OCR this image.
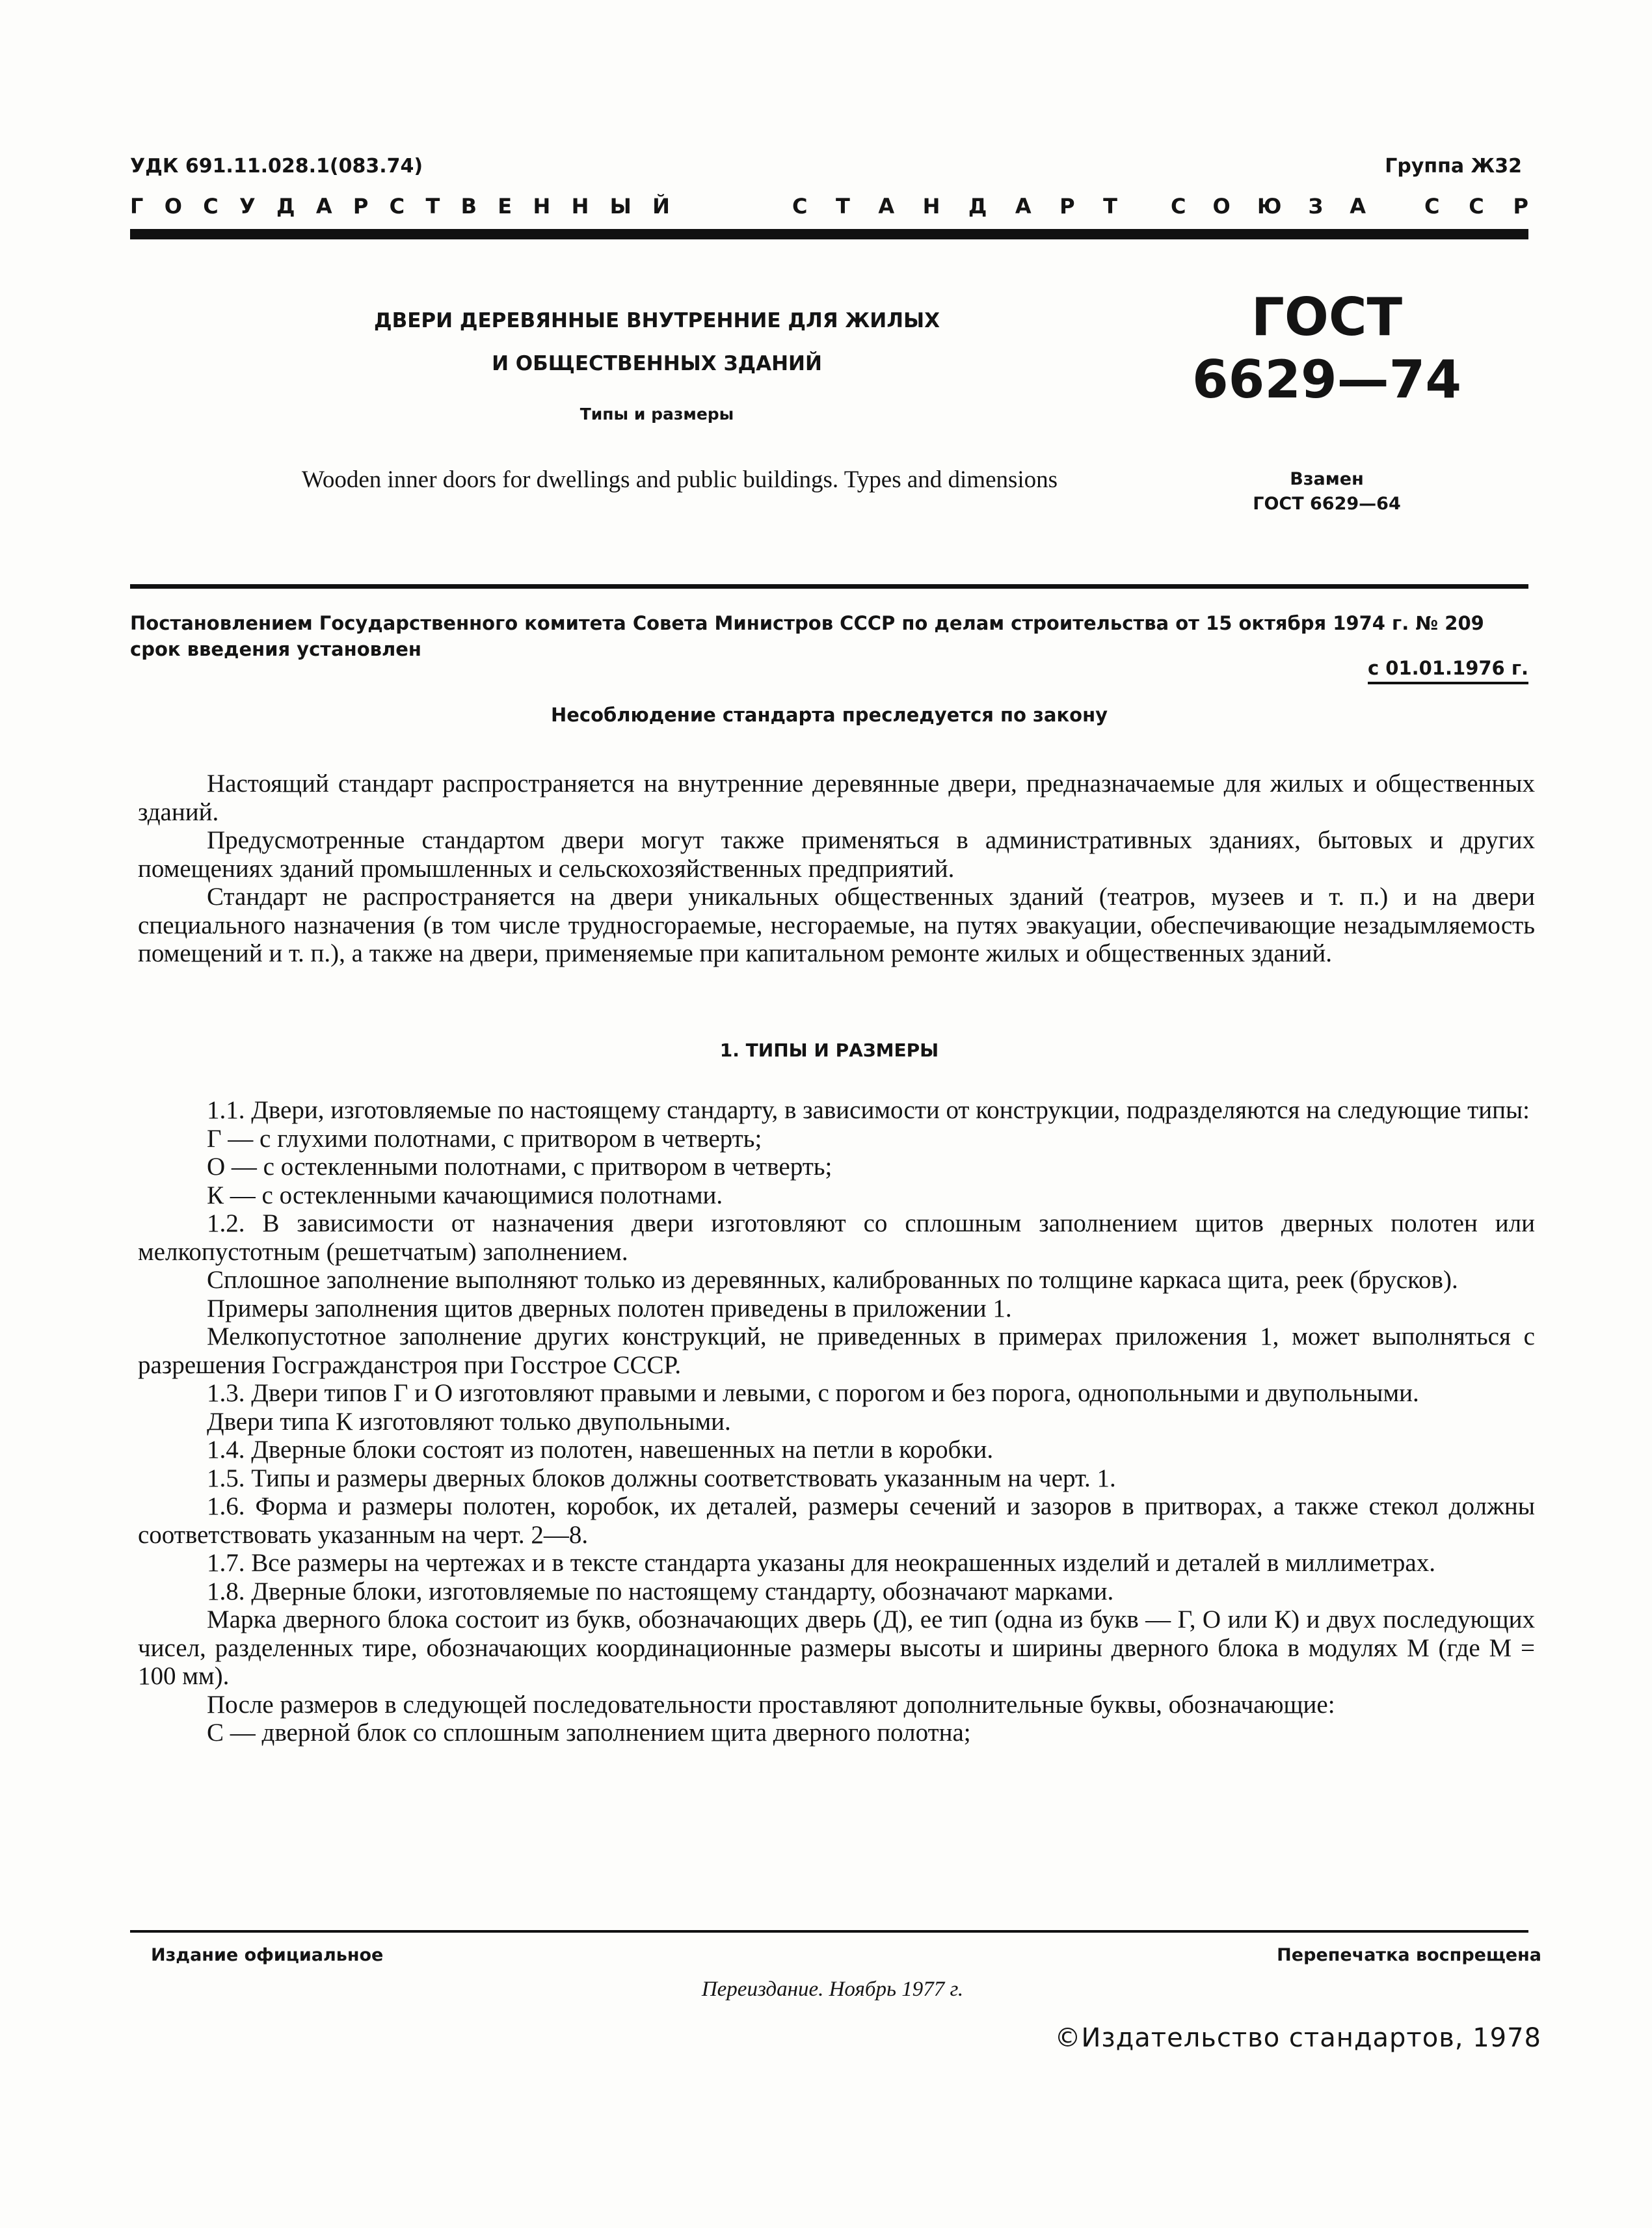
УДК 691.11.028.1(083.74)	Группа Ж32
Г О С У Д А Р С Т В Е Н Н Ы Й	С Т А Н Д А Р Т	С О Ю З А	С С Р
ДВЕРИ ДЕРЕВЯННЫЕ ВНУТРЕННИЕ ДЛЯ ЖИЛЫХ
И ОБЩЕСТВЕННЫХ ЗДАНИЙ
Типы и размеры
Wooden inner doors for dwellings and public buildings. Types and dimensions
ГОСТ
6629—74
Взамен
ГОСТ 6629—64
Постановлением Государственного комитета Совета Министров СССР по делам строительства от 15 октября 1974 г. № 209
срок введения установлен
с 01.01.1976 г.
Несоблюдение стандарта преследуется по закону

Настоящий стандарт распространяется на внутренние деревянные двери, предназначаемые для жилых и общественных зданий.

Предусмотренные стандартом двери могут также применяться в административных зданиях, бытовых и других помещениях зданий промышленных и сельскохозяйственных предприятий.

Стандарт не распространяется на двери уникальных общественных зданий (театров, музеев и т. п.) и на двери специального назначения (в том числе трудносгораемые, несгораемые, на путях эвакуации, обеспечивающие незадымляемость помещений и т. п.), а также на двери, применяемые при капитальном ремонте жилых и общественных зданий.

1. ТИПЫ И РАЗМЕРЫ

1.1. Двери, изготовляемые по настоящему стандарту, в зависимости от конструкции, подразделяются на следующие типы:

Г — с глухими полотнами, с притвором в четверть;

О — с остекленными полотнами, с притвором в четверть;

К — с остекленными качающимися полотнами.

1.2. В зависимости от назначения двери изготовляют со сплошным заполнением щитов дверных полотен или мелкопустотным (решетчатым) заполнением.

Сплошное заполнение выполняют только из деревянных, калиброванных по толщине каркаса щита, реек (брусков).

Примеры заполнения щитов дверных полотен приведены в приложении 1.

Мелкопустотное заполнение других конструкций, не приведенных в примерах приложения 1, может выполняться с разрешения Госгражданстроя при Госстрое СССР.

1.3. Двери типов Г и О изготовляют правыми и левыми, с порогом и без порога, однопольными и двупольными.

Двери типа К изготовляют только двупольными.

1.4. Дверные блоки состоят из полотен, навешенных на петли в коробки.

1.5. Типы и размеры дверных блоков должны соответствовать указанным на черт. 1.

1.6. Форма и размеры полотен, коробок, их деталей, размеры сечений и зазоров в притворах, а также стекол должны соответствовать указанным на черт. 2—8.

1.7. Все размеры на чертежах и в тексте стандарта указаны для неокрашенных изделий и деталей в миллиметрах.

1.8. Дверные блоки, изготовляемые по настоящему стандарту, обозначают марками.

Марка дверного блока состоит из букв, обозначающих дверь (Д), ее тип (одна из букв — Г, О или К) и двух последующих чисел, разделенных тире, обозначающих координационные размеры высоты и ширины дверного блока в модулях М (где М = 100 мм).

После размеров в следующей последовательности проставляют дополнительные буквы, обозначающие:

С — дверной блок со сплошным заполнением щита дверного полотна;

Издание официальное	Перепечатка воспрещена
Переиздание. Ноябрь 1977 г.
©Издательство стандартов, 1978
